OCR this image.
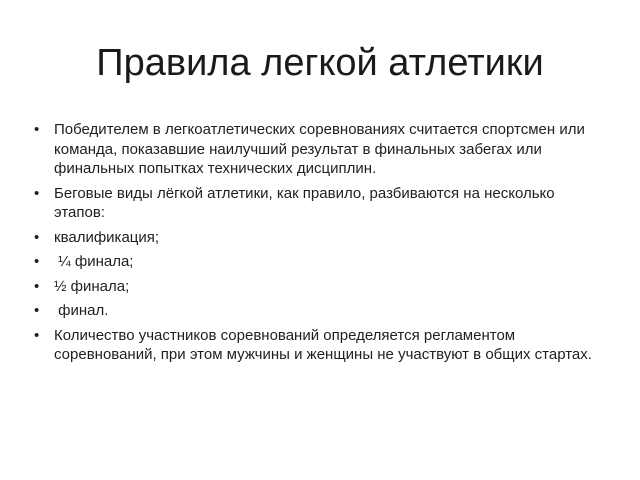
Правила легкой атлетики
• Победителем в легкоатлетических соревнованиях считается спортсмен или команда, показавшие наилучший результат в финальных забегах или финальных попытках технических дисциплин.
• Беговые виды лёгкой атлетики, как правило, разбиваются на несколько этапов:
• квалификация;
•  ¼ финала;
• ½ финала;
•  финал.
• Количество участников соревнований определяется регламентом соревнований, при этом мужчины и женщины не участвуют в общих стартах.
